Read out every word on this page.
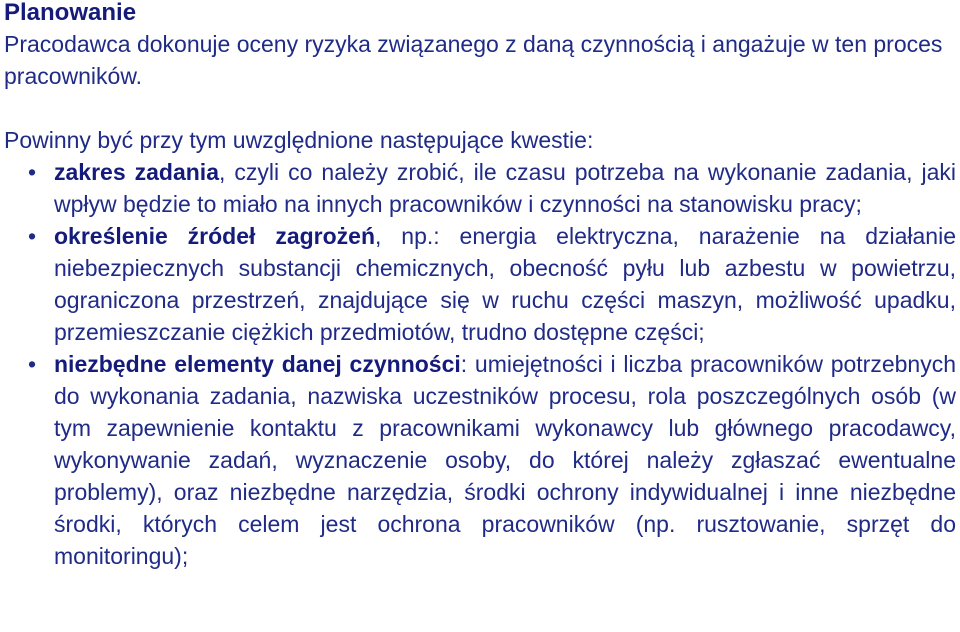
Planowanie

Pracodawca dokonuje oceny ryzyka związanego z daną czynnością i angażuje w ten proces pracowników.

Powinny być przy tym uwzględnione następujące kwestie:

• zakres zadania, czyli co należy zrobić, ile czasu potrzeba na wykonanie zadania, jaki wpływ będzie to miało na innych pracowników i czynności na stanowisku pracy;
• określenie źródeł zagrożeń, np.: energia elektryczna, narażenie na działanie niebezpiecznych substancji chemicznych, obecność pyłu lub azbestu w powietrzu, ograniczona przestrzeń, znajdujące się w ruchu części maszyn, możliwość upadku, przemieszczanie ciężkich przedmiotów, trudno dostępne części;
• niezbędne elementy danej czynności: umiejętności i liczba pracowników potrzebnych do wykonania zadania, nazwiska uczestników procesu, rola poszczególnych osób (w tym zapewnienie kontaktu z pracownikami wykonawcy lub głównego pracodawcy, wykonywanie zadań, wyznaczenie osoby, do której należy zgłaszać ewentualne problemy), oraz niezbędne narzędzia, środki ochrony indywidualnej i inne niezbędne środki, których celem jest ochrona pracowników (np. rusztowanie, sprzęt do monitoringu);
